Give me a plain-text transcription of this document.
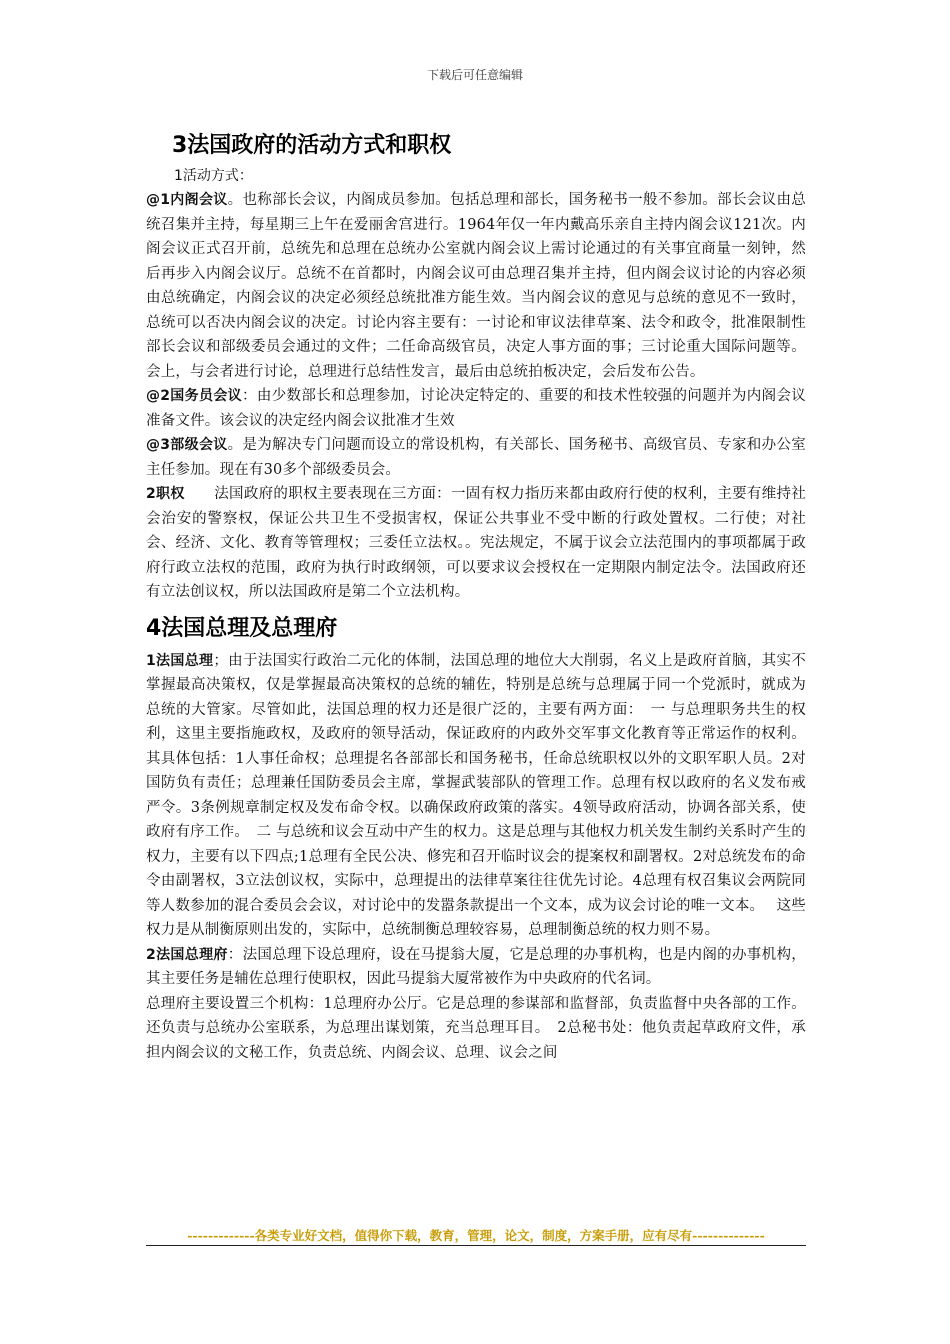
下载后可任意编辑
3法国政府的活动方式和职权

1活动方式：

@1内阁会议。也称部长会议，内阁成员参加。包括总理和部长，国务秘书一般不参加。部长会议由总统召集并主持，每星期三上午在爱丽舍宫进行。1964年仅一年内戴高乐亲自主持内阁会议121次。内阁会议正式召开前，总统先和总理在总统办公室就内阁会议上需讨论通过的有关事宜商量一刻钟，然后再步入内阁会议厅。总统不在首都时，内阁会议可由总理召集并主持，但内阁会议讨论的内容必须由总统确定，内阁会议的决定必须经总统批准方能生效。当内阁会议的意见与总统的意见不一致时，总统可以否决内阁会议的决定。讨论内容主要有：一讨论和审议法律草案、法令和政令，批准限制性部长会议和部级委员会通过的文件；二任命高级官员，决定人事方面的事；三讨论重大国际问题等。会上，与会者进行讨论，总理进行总结性发言，最后由总统拍板决定，会后发布公告。

@2国务员会议：由少数部长和总理参加，讨论决定特定的、重要的和技术性较强的问题并为内阁会议准备文件。该会议的决定经内阁会议批准才生效

@3部级会议。是为解决专门问题而设立的常设机构，有关部长、国务秘书、高级官员、专家和办公室主任参加。现在有30多个部级委员会。

2职权　　法国政府的职权主要表现在三方面：一固有权力指历来都由政府行使的权利，主要有维持社会治安的警察权，保证公共卫生不受损害权，保证公共事业不受中断的行政处置权。二行使；对社会、经济、文化、教育等管理权；三委任立法权。。宪法规定，不属于议会立法范围内的事项都属于政府行政立法权的范围，政府为执行时政纲领，可以要求议会授权在一定期限内制定法令。法国政府还有立法创议权，所以法国政府是第二个立法机构。

4法国总理及总理府

1法国总理；由于法国实行政治二元化的体制，法国总理的地位大大削弱，名义上是政府首脑，其实不掌握最高决策权，仅是掌握最高决策权的总统的辅佐，特别是总统与总理属于同一个党派时，就成为总统的大管家。尽管如此，法国总理的权力还是很广泛的，主要有两方面：　一 与总理职务共生的权利，这里主要指施政权，及政府的领导活动，保证政府的内政外交军事文化教育等正常运作的权利。其具体包括：1人事任命权；总理提名各部部长和国务秘书，任命总统职权以外的文职军职人员。2对国防负有责任；总理兼任国防委员会主席，掌握武装部队的管理工作。总理有权以政府的名义发布戒严令。3条例规章制定权及发布命令权。以确保政府政策的落实。4领导政府活动，协调各部关系，使政府有序工作。　二 与总统和议会互动中产生的权力。这是总理与其他权力机关发生制约关系时产生的权力，主要有以下四点;1总理有全民公决、修宪和召开临时议会的提案权和副署权。2对总统发布的命令由副署权，3立法创议权，实际中，总理提出的法律草案往往优先讨论。4总理有权召集议会两院同等人数参加的混合委员会会议，对讨论中的发嚣条款提出一个文本，成为议会讨论的唯一文本。　 这些权力是从制衡原则出发的，实际中，总统制衡总理较容易，总理制衡总统的权力则不易。

2法国总理府：法国总理下设总理府，设在马提翁大厦，它是总理的办事机构，也是内阁的办事机构，其主要任务是辅佐总理行使职权，因此马提翁大厦常被作为中央政府的代名词。

总理府主要设置三个机构：1总理府办公厅。它是总理的参谋部和监督部，负责监督中央各部的工作。还负责与总统办公室联系，为总理出谋划策，充当总理耳目。　2总秘书处：他负责起草政府文件，承担内阁会议的文秘工作，负责总统、内阁会议、总理、议会之间

-------------各类专业好文档，值得你下载，教育，管理，论文，制度，方案手册，应有尽有--------------
